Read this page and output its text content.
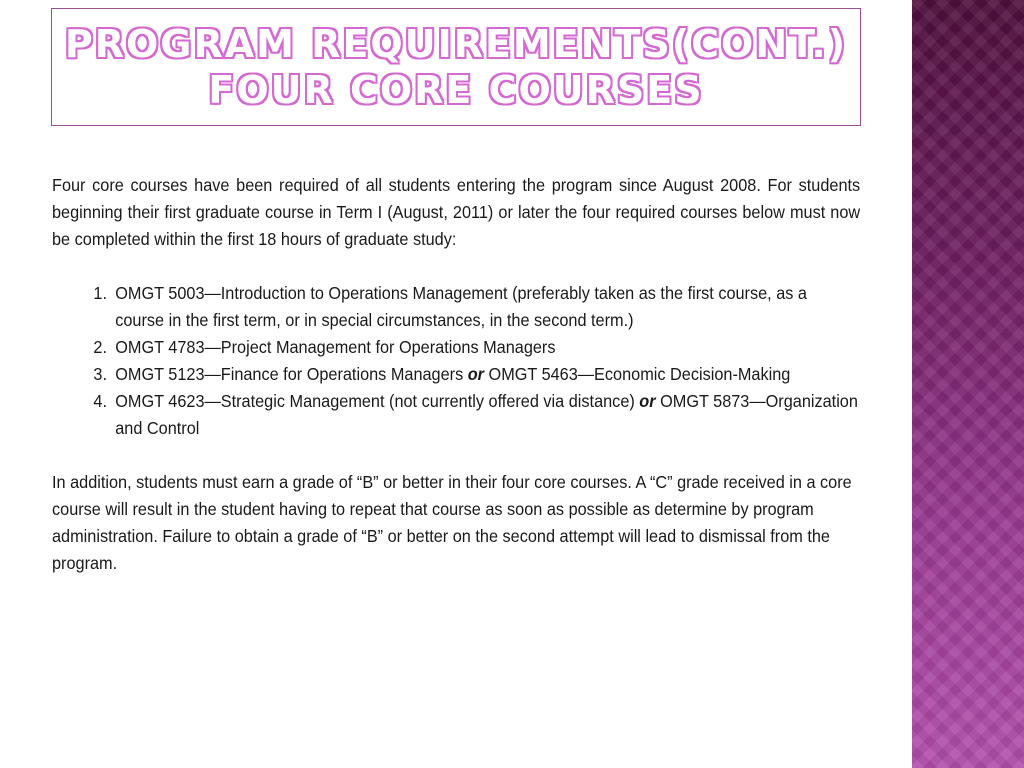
PROGRAM REQUIREMENTS(CONT.)
FOUR CORE COURSES

Four core courses have been required of all students entering the program since August 2008. For students beginning their first graduate course in Term I (August, 2011) or later the four required courses below must now be completed within the first 18 hours of graduate study:

1. OMGT 5003—Introduction to Operations Management (preferably taken as the first course, as a course in the first term, or in special circumstances, in the second term.)
2. OMGT 4783—Project Management for Operations Managers
3. OMGT 5123—Finance for Operations Managers or OMGT 5463—Economic Decision-Making
4. OMGT 4623—Strategic Management (not currently offered via distance) or OMGT 5873—Organization and Control

In addition, students must earn a grade of “B” or better in their four core courses. A “C” grade received in a core course will result in the student having to repeat that course as soon as possible as determine by program administration. Failure to obtain a grade of “B” or better on the second attempt will lead to dismissal from the program.
